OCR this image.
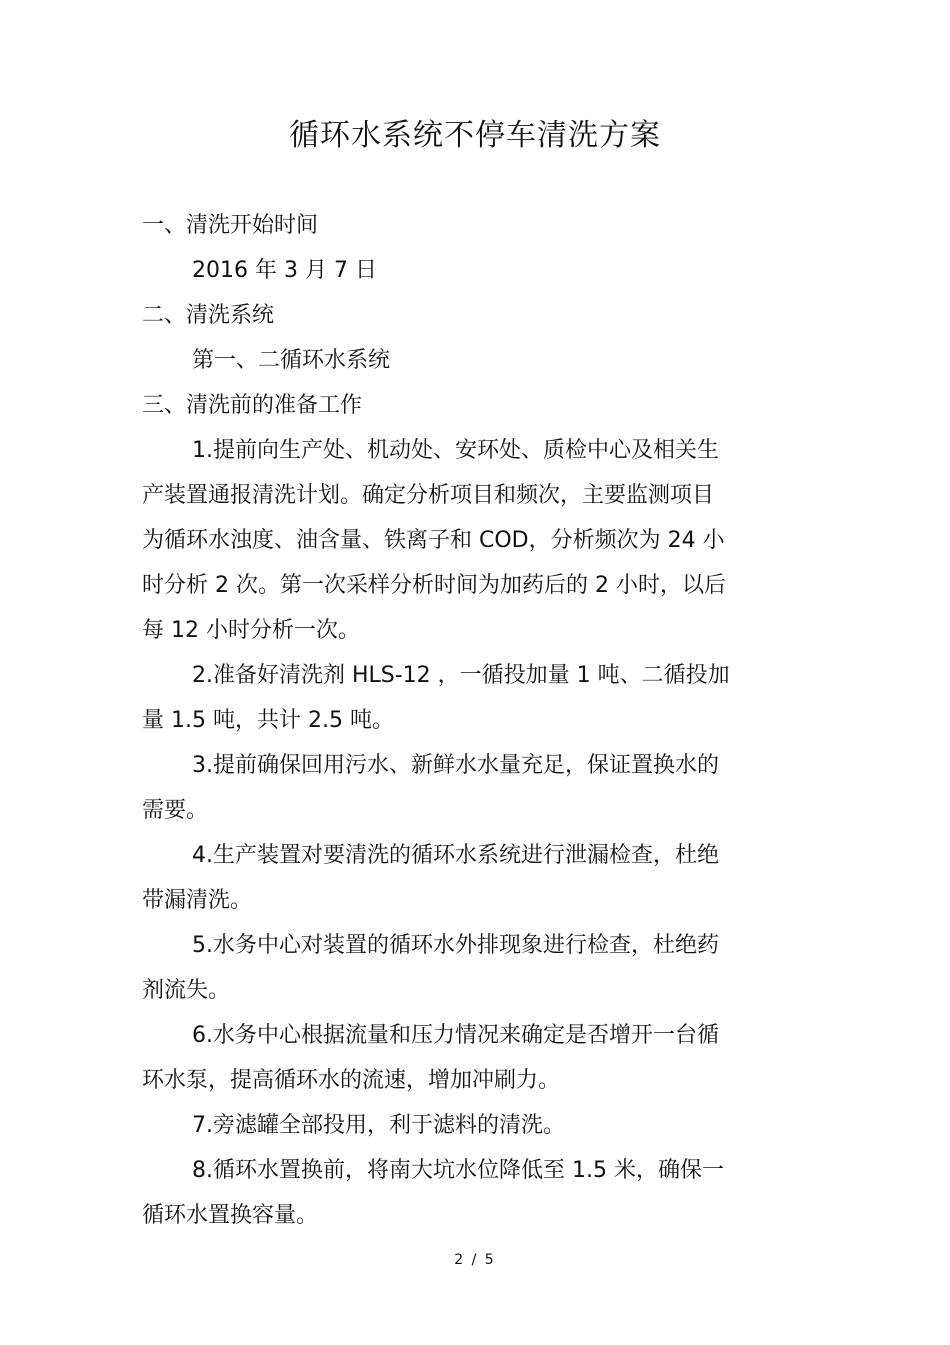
循环水系统不停车清洗方案
一、清洗开始时间
2016 年 3 月 7 日
二、清洗系统
第一、二循环水系统
三、清洗前的准备工作
1.提前向生产处、机动处、安环处、质检中心及相关生
产装置通报清洗计划。确定分析项目和频次，主要监测项目
为循环水浊度、油含量、铁离子和 COD，分析频次为 24 小
时分析 2 次。第一次采样分析时间为加药后的 2 小时，以后
每 12 小时分析一次。
2.准备好清洗剂 HLS-12 ，一循投加量 1 吨、二循投加
量 1.5 吨，共计 2.5 吨。
3.提前确保回用污水、新鲜水水量充足，保证置换水的
需要。
4.生产装置对要清洗的循环水系统进行泄漏检查，杜绝
带漏清洗。
5.水务中心对装置的循环水外排现象进行检查，杜绝药
剂流失。
6.水务中心根据流量和压力情况来确定是否增开一台循
环水泵，提高循环水的流速，增加冲刷力。
7.旁滤罐全部投用，利于滤料的清洗。
8.循环水置换前，将南大坑水位降低至 1.5 米，确保一
循环水置换容量。
2 / 5
